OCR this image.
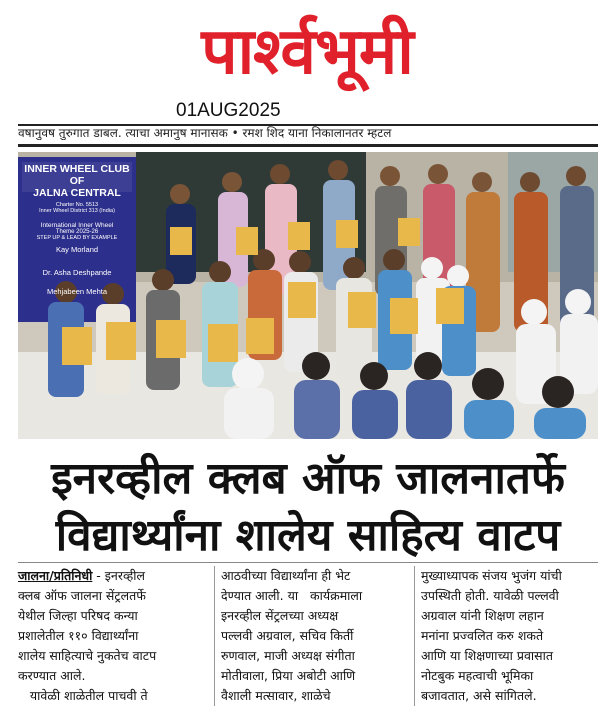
पार्श्वभूमी
01AUG2025
वषानुवष तुरुगात डाबल. त्याचा अमानुष मानासक • रमश शिद याना निकालानतर म्हटल
INNER WHEEL CLUB OF
JALNA CENTRAL
Charter No. 5513
Inner Wheel District 313 (India)
International Inner Wheel
Theme 2025-26
STEP UP & LEAD BY EXAMPLE
Kay Morland
Dr. Asha Deshpande
Mehjabeen Mehta
इनरव्हील क्लब ऑफ जालनातर्फे
विद्यार्थ्यांना शालेय साहित्य वाटप
जालना/प्रतिनिधी - इनरव्हील
क्लब ऑफ जालना सेंट्रलतर्फे
येथील जिल्हा परिषद कन्या
प्रशालेतील ११० विद्यार्थ्यांना
शालेय साहित्याचे नुकतेच वाटप
करण्यात आले.
यावेळी शाळेतील पाचवी ते
आठवीच्या विद्यार्थ्यांना ही भेट
देण्यात आली. या   कार्यक्रमाला
इनरव्हील सेंट्रलच्या अध्यक्ष
पल्लवी अग्रवाल, सचिव किर्ती
रुणवाल, माजी अध्यक्ष संगीता
मोतीवाला, प्रिया अबोटी आणि
वैशाली मत्सावार, शाळेचे
मुख्याध्यापक संजय भुजंग यांची
उपस्थिती होती. यावेळी पल्लवी
अग्रवाल यांनी शिक्षण लहान
मनांना प्रज्वलित करु शकते
आणि या शिक्षणाच्या प्रवासात
नोटबुक महत्वाची भूमिका
बजावतात, असे सांगितले.
